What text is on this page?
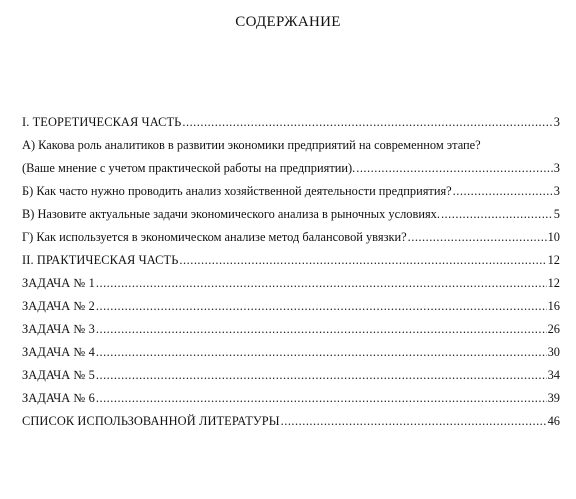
СОДЕРЖАНИЕ
I. ТЕОРЕТИЧЕСКАЯ ЧАСТЬ .....	3
А) Какова роль аналитиков в развитии экономики предприятий на современном этапе?
(Ваше мнение с учетом практической работы на предприятии). .....	3
Б) Как часто нужно проводить анализ хозяйственной деятельности предприятия? .....	3
В) Назовите актуальные задачи экономического анализа в рыночных условиях. .....	5
Г) Как используется в экономическом анализе метод балансовой увязки? .....	10
II. ПРАКТИЧЕСКАЯ ЧАСТЬ .....	12
ЗАДАЧА № 1 .....	12
ЗАДАЧА № 2 .....	16
ЗАДАЧА № 3 .....	26
ЗАДАЧА № 4 .....	30
ЗАДАЧА № 5 .....	34
ЗАДАЧА № 6 .....	39
СПИСОК ИСПОЛЬЗОВАННОЙ ЛИТЕРАТУРЫ .....	46
